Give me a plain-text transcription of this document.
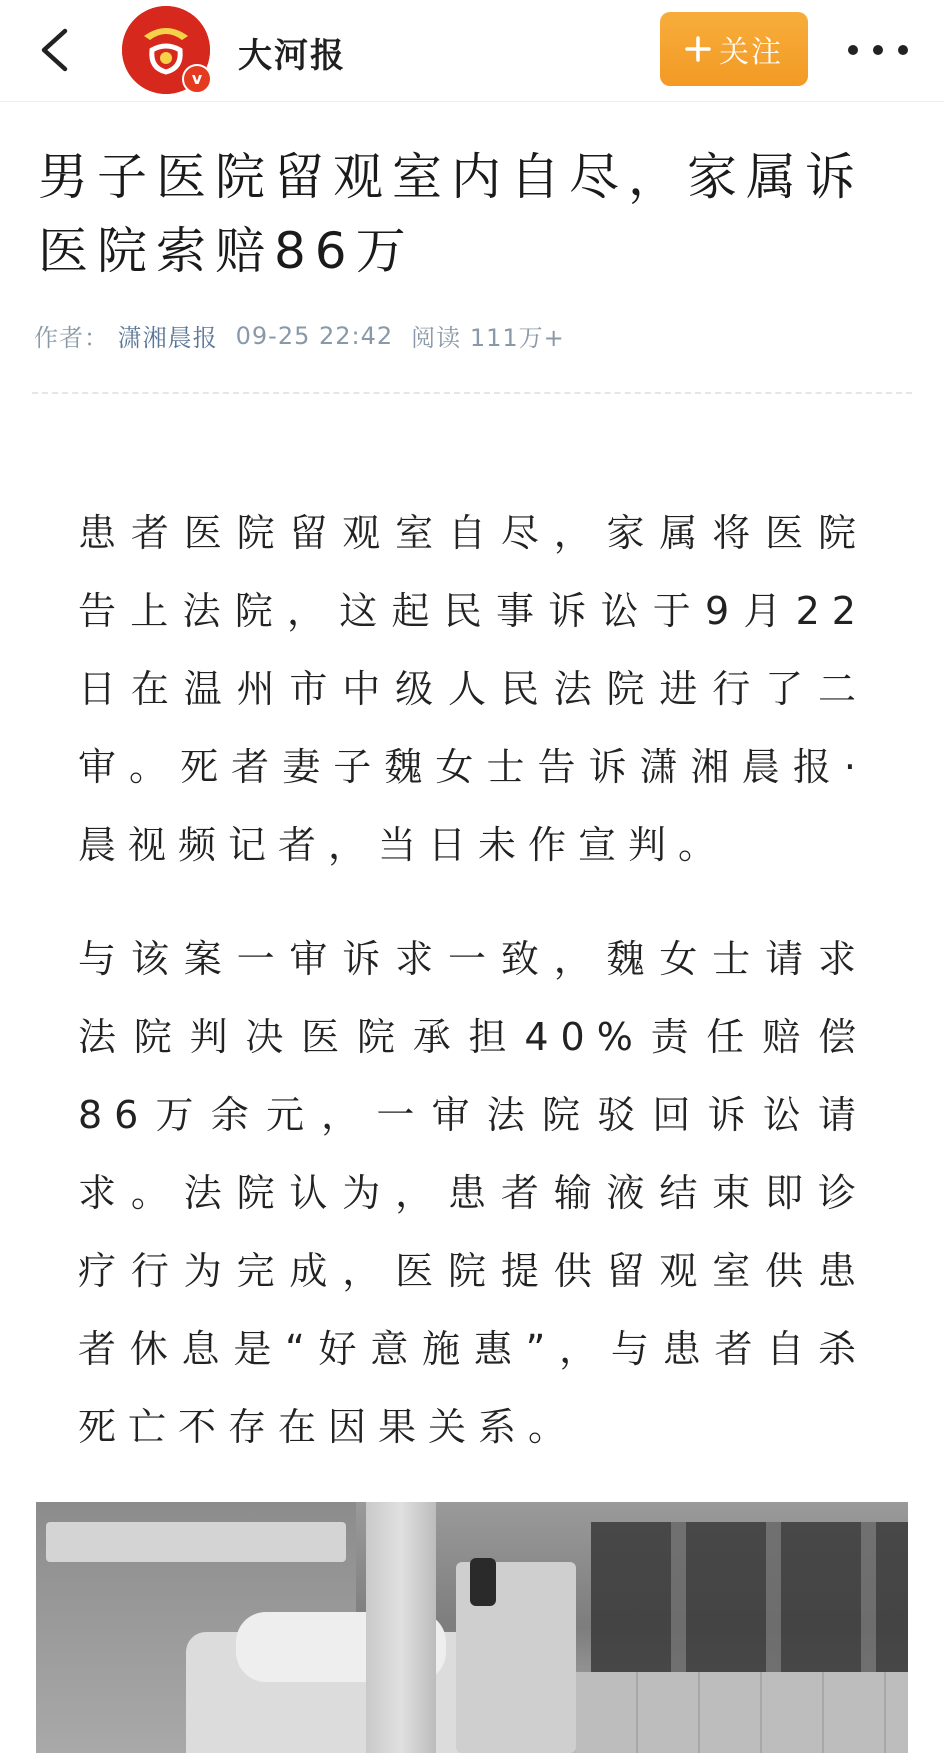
v
大河报	关注
男子医院留观室内自尽，家属诉医院索赔86万
作者： 潇湘晨报 09-25 22:42 阅读 111万+

患者医院留观室自尽，家属将医院告上法院，这起民事诉讼于9月22日在温州市中级人民法院进行了二审。死者妻子魏女士告诉潇湘晨报·晨视频记者，当日未作宣判。

与该案一审诉求一致，魏女士请求法院判决医院承担40%责任赔偿86万余元，一审法院驳回诉讼请求。法院认为，患者输液结束即诊疗行为完成，医院提供留观室供患者休息是“好意施惠”，与患者自杀死亡不存在因果关系。
